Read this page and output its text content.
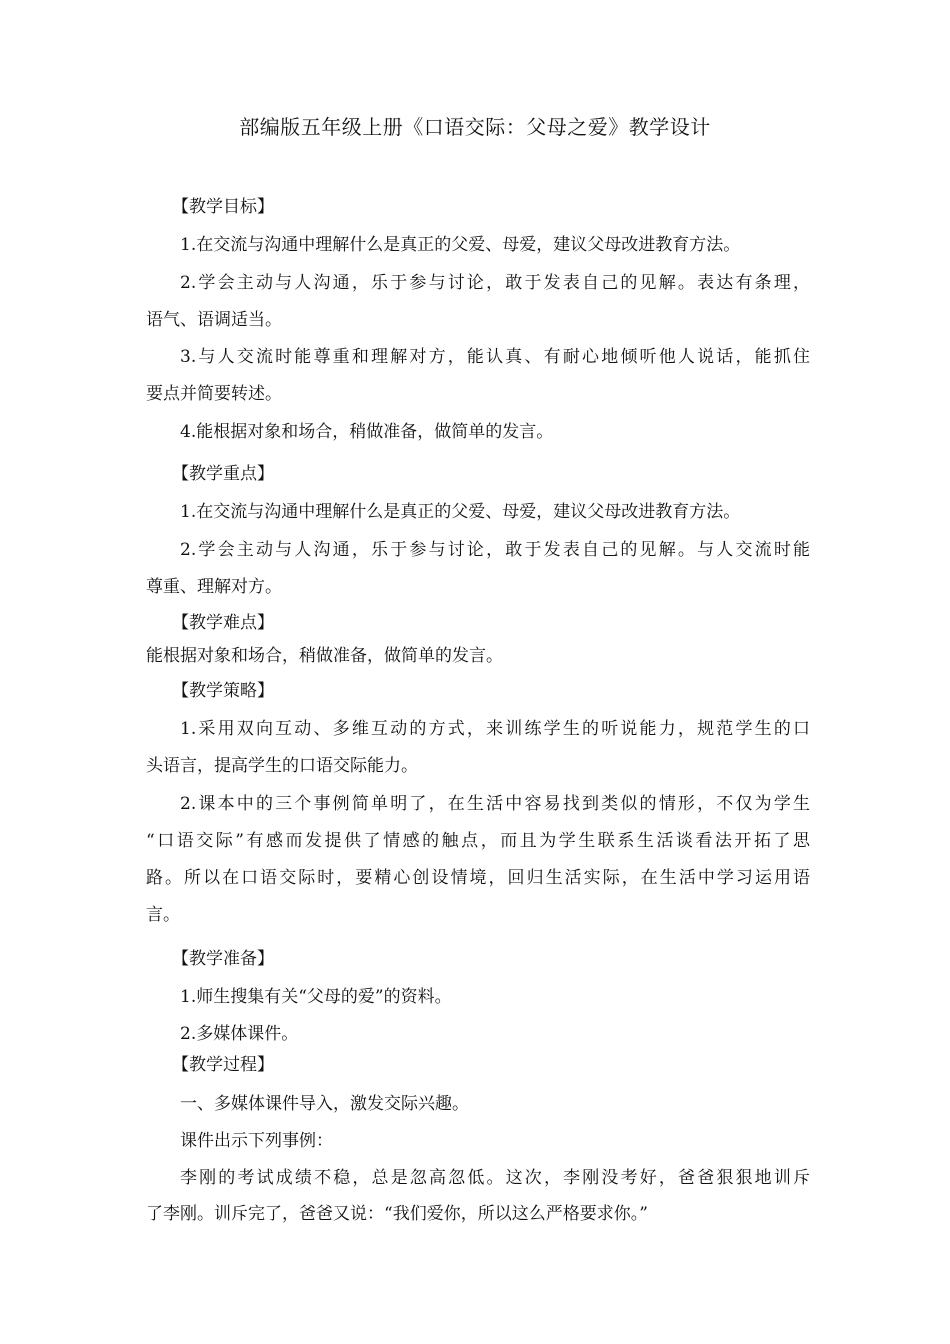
部编版五年级上册《口语交际：父母之爱》教学设计
【教学目标】
1.在交流与沟通中理解什么是真正的父爱、母爱，建议父母改进教育方法。
2.学会主动与人沟通，乐于参与讨论，敢于发表自己的见解。表达有条理，
语气、语调适当。
3.与人交流时能尊重和理解对方，能认真、有耐心地倾听他人说话，能抓住
要点并简要转述。
4.能根据对象和场合，稍做准备，做简单的发言。
【教学重点】
1.在交流与沟通中理解什么是真正的父爱、母爱，建议父母改进教育方法。
2.学会主动与人沟通，乐于参与讨论，敢于发表自己的见解。与人交流时能
尊重、理解对方。
【教学难点】
能根据对象和场合，稍做准备，做简单的发言。
【教学策略】
1.采用双向互动、多维互动的方式，来训练学生的听说能力，规范学生的口
头语言，提高学生的口语交际能力。
2.课本中的三个事例简单明了，在生活中容易找到类似的情形，不仅为学生
“口语交际”有感而发提供了情感的触点，而且为学生联系生活谈看法开拓了思
路。所以在口语交际时，要精心创设情境，回归生活实际，在生活中学习运用语
言。
【教学准备】
1.师生搜集有关“父母的爱”的资料。
2.多媒体课件。
【教学过程】
一、多媒体课件导入，激发交际兴趣。
课件出示下列事例：
李刚的考试成绩不稳，总是忽高忽低。这次，李刚没考好，爸爸狠狠地训斥
了李刚。训斥完了，爸爸又说：“我们爱你，所以这么严格要求你。”
